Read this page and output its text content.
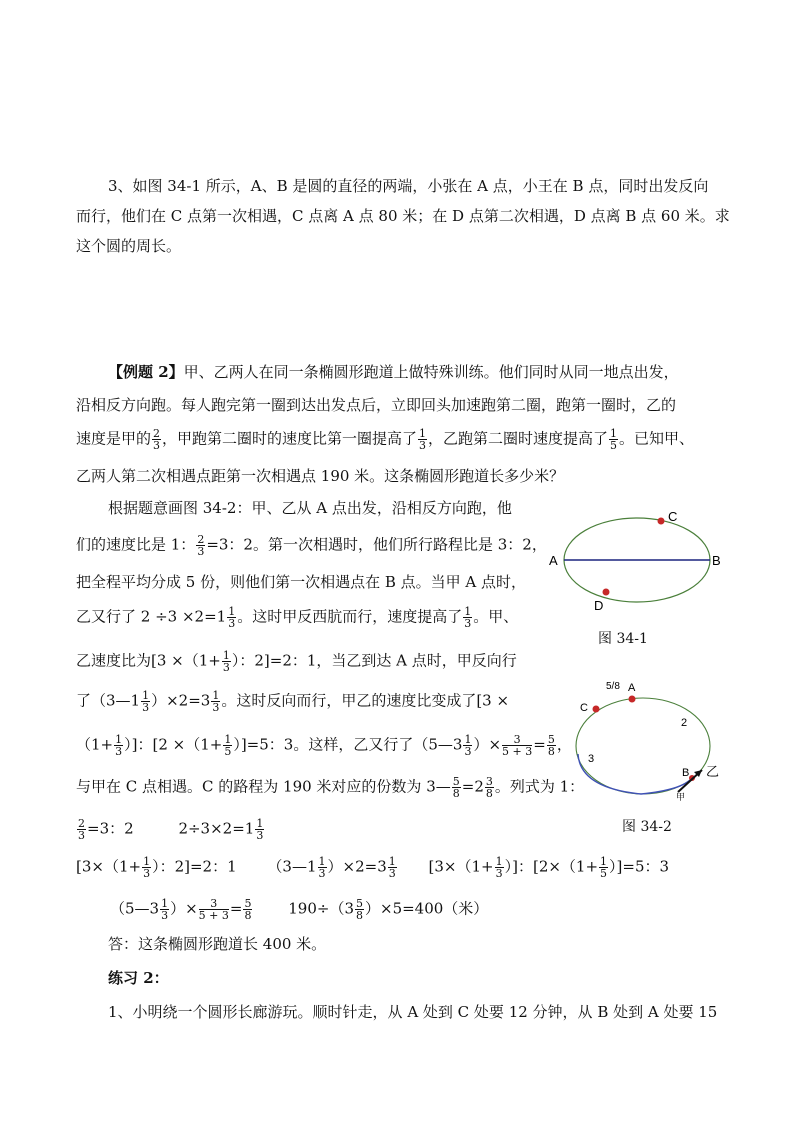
3、如图 34-1 所示，A、B 是圆的直径的两端，小张在 A 点，小王在 B 点，同时出发反向
而行，他们在 C 点第一次相遇，C 点离 A 点 80 米；在 D 点第二次相遇，D 点离 B 点 60 米。求
这个圆的周长。
【例题 2】甲、乙两人在同一条椭圆形跑道上做特殊训练。他们同时从同一地点出发，
沿相反方向跑。每人跑完第一圈到达出发点后，立即回头加速跑第二圈，跑第一圈时，乙的
速度是甲的 $\frac{2}{3}$ ，甲跑第二圈时的速度比第一圈提高了 $\frac{1}{3}$ ，乙跑第二圈时速度提高了 $\frac{1}{5}$ 。已知甲、
乙两人第二次相遇点距第一次相遇点 190 米。这条椭圆形跑道长多少米？
根据题意画图 34-2：甲、乙从 A 点出发，沿相反方向跑，他
们的速度比是 1： $\frac{2}{3} =3$：2。第一次相遇时，他们所行路程比是 3：2，
把全程平均分成 5 份，则他们第一次相遇点在 B 点。当甲 A 点时，
乙又行了 $2 \div 3 \times 2=1 \frac{1}{3}$ 。这时甲反西肮而行，速度提高了 $\frac{1}{3}$ 。甲、
乙速度比为[$3 \times(1+ \frac{1}{3}$ ）：2]=2：1，当乙到达 A 点时，甲反向行
了（3—1 $\frac{1}{3} )\times 2=3 \frac{1}{3}$ 。这时反向而行，甲乙的速度比变成了[3 ×
（$1+ \frac{1}{3}$ ）]：$[2 \times(1+ \frac{1}{5} )]=5$：3。这样，乙又行了（5—3 $\frac{1}{3}$ ）× $\frac{3}{5 + 3} = \frac{5}{8}$ ，
与甲在 C 点相遇。C 的路程为 190 米对应的份数为 3— $\frac{5}{8} =2 \frac{3}{8}$ 。列式为 1：
$\frac{2}{3} =3$：2	$2\div 3\times 2=1 \frac{1}{3}$
[$3\times(1+ \frac{1}{3}$ ）：2]=2：1 （3—1 $\frac{1}{3} )\times 2=3 \frac{1}{3} [3\times(1+ \frac{1}{3}$ ）]：$[2\times(1+ \frac{1}{5} )]=5$：3
（5—3 $\frac{1}{3}$ ）× $\frac{3}{5 + 3} = \frac{5}{8} 190\div(3 \frac{5}{8} )\times 5=400$（米）
答：这条椭圆形跑道长 400 米。
练习 2：
1、小明绕一个圆形长廊游玩。顺时针走，从 A 处到 C 处要 12 分钟，从 B 处到 A 处要 15
A	B
C
D
图 34-1
5/8 A
C
2
3
B 乙
甲
图 34-2
